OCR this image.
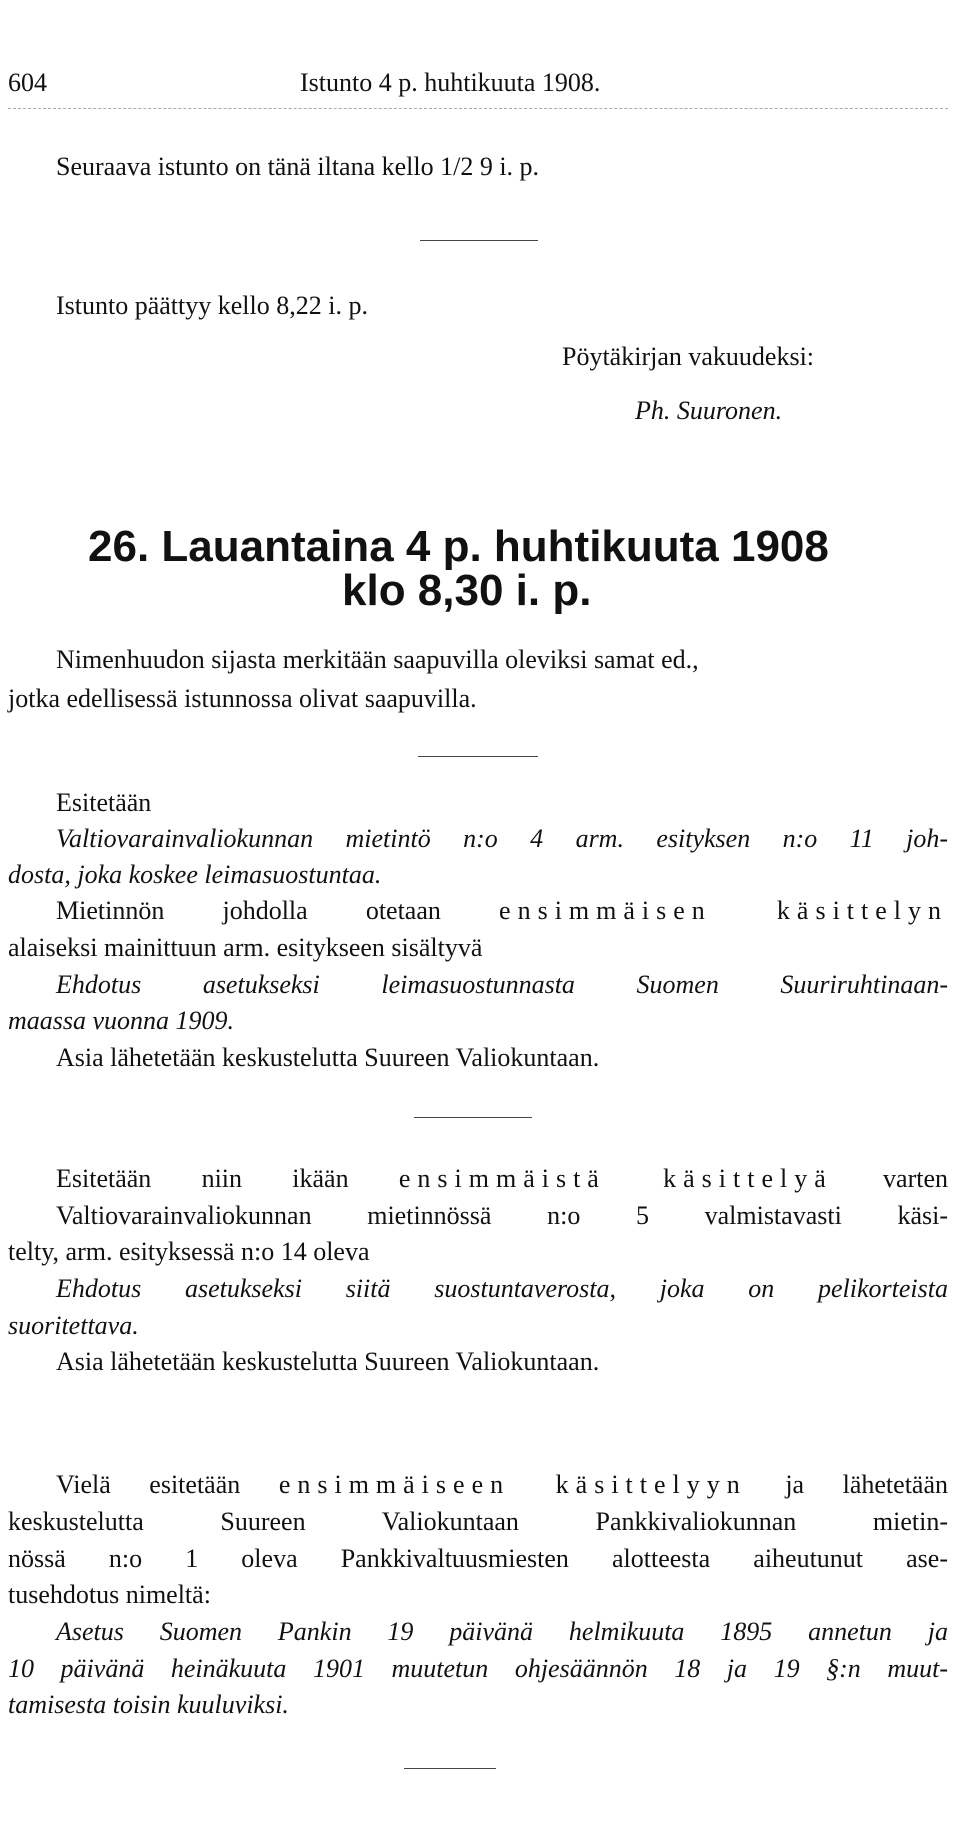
604	Istunto 4 p. huhtikuuta 1908.
Seuraava istunto on tänä iltana kello 1/2 9 i. p.
Istunto päättyy kello 8,22 i. p.
Pöytäkirjan vakuudeksi:
Ph. Suuronen.
26. Lauantaina 4 p. huhtikuuta 1908
klo 8,30 i. p.
Nimenhuudon sijasta merkitään saapuvilla oleviksi samat ed.,
jotka edellisessä istunnossa olivat saapuvilla.
Esitetään
Valtiovarainvaliokunnan mietintö n:o 4 arm. esityksen n:o 11 joh-
dosta, joka koskee leimasuostuntaa.
Mietinnön johdolla otetaan ensimmäisen käsittelyn
alaiseksi mainittuun arm. esitykseen sisältyvä
Ehdotus asetukseksi leimasuostunnasta Suomen Suuriruhtinaan-
maassa vuonna 1909.
Asia lähetetään keskustelutta Suureen Valiokuntaan.
Esitetään niin ikään ensimmäistä käsittelyä varten
Valtiovarainvaliokunnan mietinnössä n:o 5 valmistavasti käsi-
telty, arm. esityksessä n:o 14 oleva
Ehdotus asetukseksi siitä suostuntaverosta, joka on pelikorteista
suoritettava.
Asia lähetetään keskustelutta Suureen Valiokuntaan.
Vielä esitetään ensimmäiseen käsittelyyn ja lähetetään
keskustelutta Suureen Valiokuntaan Pankkivaliokunnan mietin-
nössä n:o 1 oleva Pankkivaltuusmiesten alotteesta aiheutunut ase-
tusehdotus nimeltä:
Asetus Suomen Pankin 19 päivänä helmikuuta 1895 annetun ja
10 päivänä heinäkuuta 1901 muutetun ohjesäännön 18 ja 19 §:n muut-
tamisesta toisin kuuluviksi.
